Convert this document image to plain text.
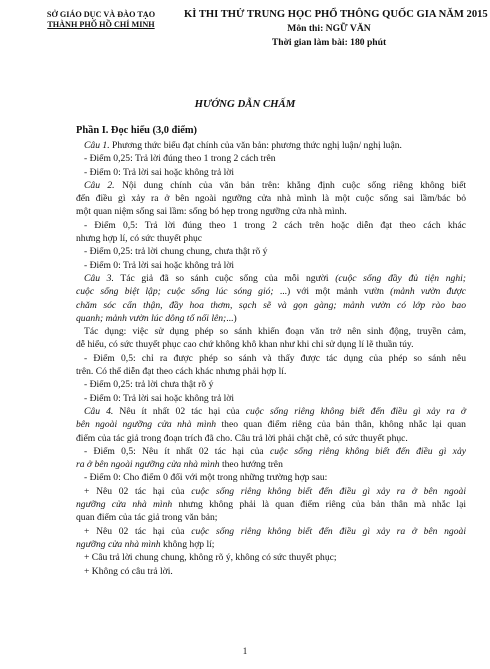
SỞ GIÁO DỤC VÀ ĐÀO TẠO
THÀNH PHỐ HỒ CHÍ MINH
KÌ THI THỬ TRUNG HỌC PHỔ THÔNG QUỐC GIA NĂM 2015
Môn thi: NGỮ VĂN
Thời gian làm bài: 180 phút
HƯỚNG DẪN CHẤM
Phần I. Đọc hiểu (3,0 điểm)
Câu 1. Phương thức biểu đạt chính của văn bản: phương thức nghị luận/ nghị luận.
- Điểm 0,25: Trả lời đúng theo 1 trong 2 cách trên
- Điểm 0: Trả lời sai hoặc không trả lời
Câu 2. Nội dung chính của văn bản trên: khẳng định cuộc sống riêng không biết
đến điều gì xảy ra ở bên ngoài ngưỡng cửa nhà mình là một cuộc sống sai lầm/bác bỏ
một quan niệm sống sai lầm: sống bó hẹp trong ngưỡng cửa nhà mình.
- Điểm 0,5: Trả lời đúng theo 1 trong 2 cách trên hoặc diễn đạt theo cách khác
nhưng hợp lí, có sức thuyết phục
- Điểm 0,25: trả lời chung chung, chưa thật rõ ý
- Điểm 0: Trả lời sai hoặc không trả lời
Câu 3. Tác giả đã so sánh cuộc sống của mỗi người (cuộc sống đầy đủ tiện nghi;
cuộc sống biệt lập; cuộc sống lúc sóng gió; ...) với một mảnh vườn (mảnh vườn được
chăm sóc cẩn thận, đầy hoa thơm, sạch sẽ và gọn gàng; mảnh vườn có lớp rào bao
quanh; mảnh vườn lúc dông tố nổi lên;...)
Tác dụng: việc sử dụng phép so sánh khiến đoạn văn trở nên sinh động, truyền cảm,
dễ hiểu, có sức thuyết phục cao chứ không khô khan như khi chỉ sử dụng lí lẽ thuần túy.
- Điểm 0,5: chỉ ra được phép so sánh và thấy được tác dụng của phép so sánh nêu
trên. Có thể diễn đạt theo cách khác nhưng phải hợp lí.
- Điểm 0,25: trả lời chưa thật rõ ý
- Điểm 0: Trả lời sai hoặc không trả lời
Câu 4. Nêu ít nhất 02 tác hại của cuộc sống riêng không biết đến điều gì xảy ra ở
bên ngoài ngưỡng cửa nhà mình theo quan điểm riêng của bản thân, không nhắc lại quan
điểm của tác giả trong đoạn trích đã cho. Câu trả lời phải chặt chẽ, có sức thuyết phục.
- Điểm 0,5: Nêu ít nhất 02 tác hại của cuộc sống riêng không biết đến điều gì xảy
ra ở bên ngoài ngưỡng cửa nhà mình theo hướng trên
- Điểm 0: Cho điểm 0 đối với một trong những trường hợp sau:
+ Nêu 02 tác hại của cuộc sống riêng không biết đến điều gì xảy ra ở bên ngoài
ngưỡng cửa nhà mình nhưng không phải là quan điểm riêng của bản thân mà nhắc lại
quan điểm của tác giả trong văn bản;
+ Nêu 02 tác hại của cuộc sống riêng không biết đến điều gì xảy ra ở bên ngoài
ngưỡng cửa nhà mình không hợp lí;
+ Câu trả lời chung chung, không rõ ý, không có sức thuyết phục;
+ Không có câu trả lời.
1
